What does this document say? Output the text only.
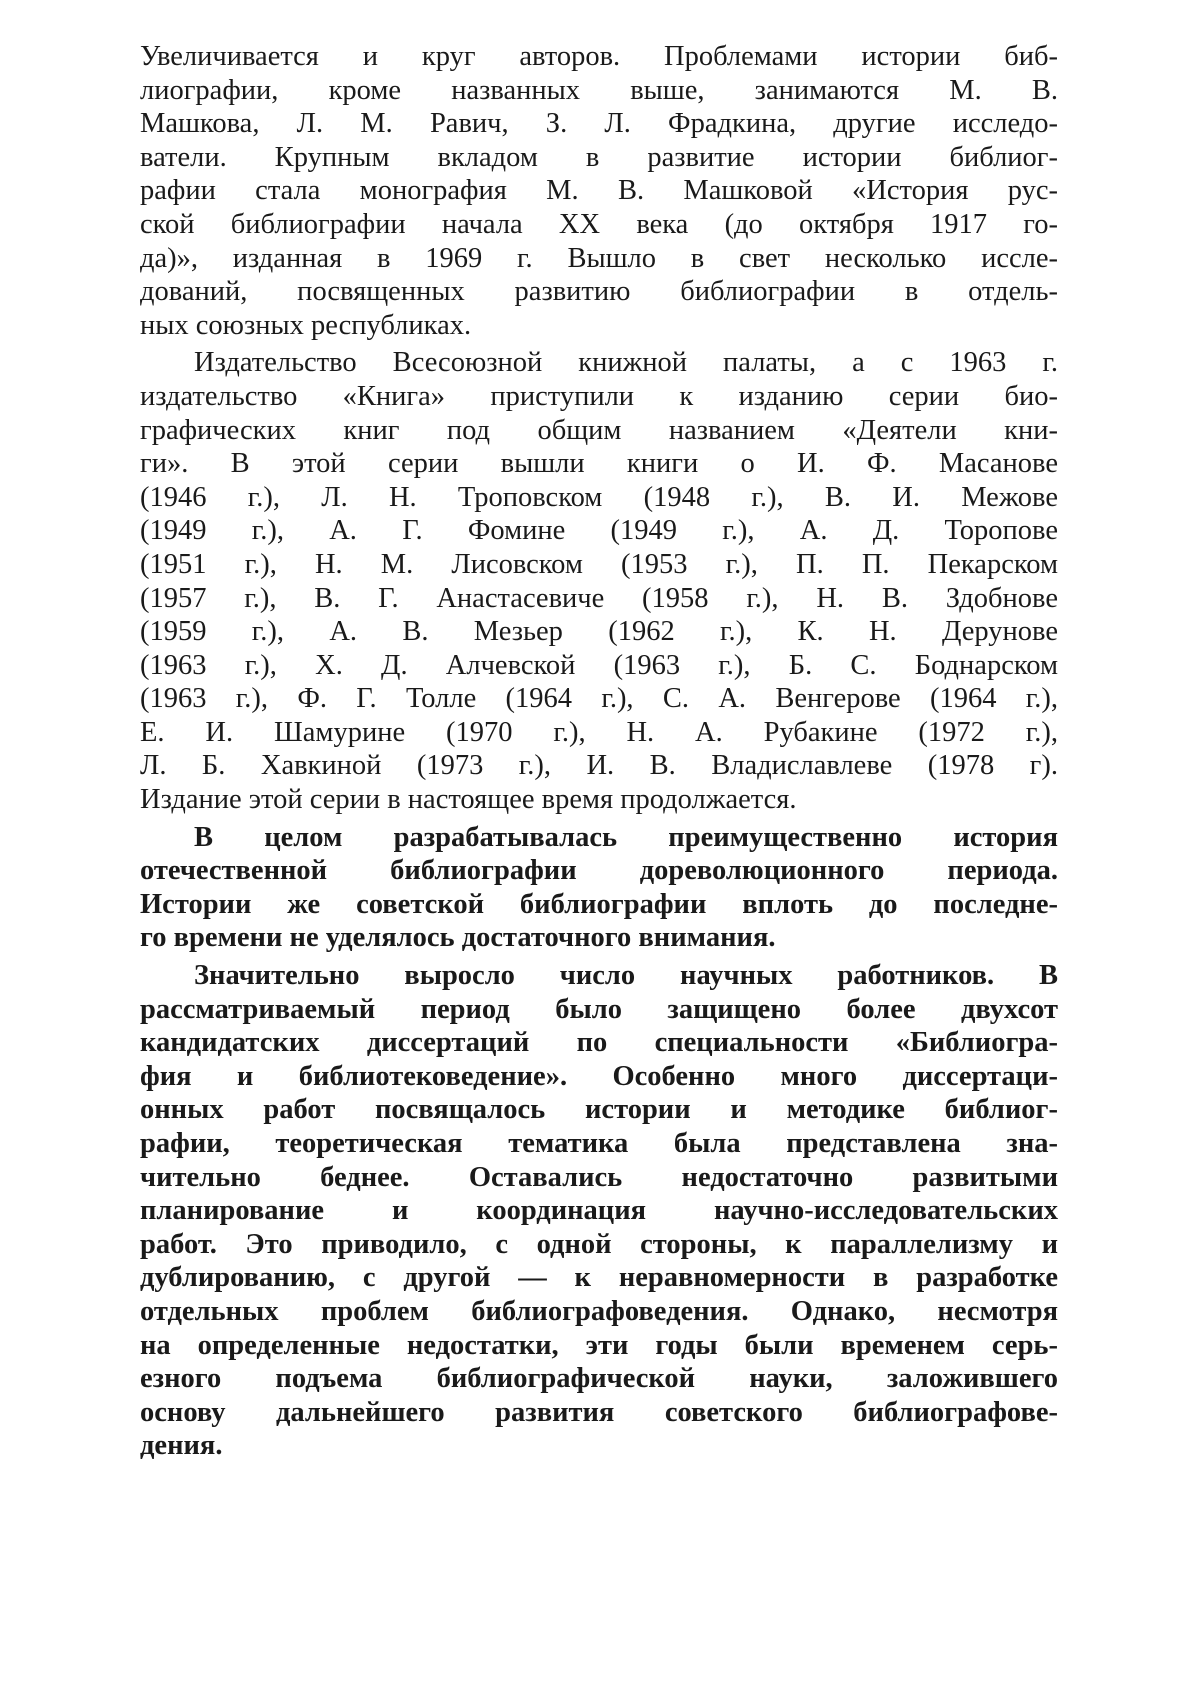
Увеличивается и круг авторов. Проблемами истории биб-
лиографии, кроме названных выше, занимаются М. В.
Машкова, Л. М. Равич, З. Л. Фрадкина, другие исследо-
ватели. Крупным вкладом в развитие истории библиог-
рафии стала монография М. В. Машковой «История рус-
ской библиографии начала XX века (до октября 1917 го-
да)», изданная в 1969 г. Вышло в свет несколько иссле-
дований, посвященных развитию библиографии в отдель-
ных союзных республиках.
Издательство Всесоюзной книжной палаты, а с 1963 г.
издательство «Книга» приступили к изданию серии био-
графических книг под общим названием «Деятели кни-
ги». В этой серии вышли книги о И. Ф. Масанове
(1946 г.), Л. Н. Троповском (1948 г.), В. И. Межове
(1949 г.), А. Г. Фомине (1949 г.), А. Д. Торопове
(1951 г.), Н. М. Лисовском (1953 г.), П. П. Пекарском
(1957 г.), В. Г. Анастасевиче (1958 г.), Н. В. Здобнове
(1959 г.), А. В. Мезьер (1962 г.), К. Н. Дерунове
(1963 г.), Х. Д. Алчевской (1963 г.), Б. С. Боднарском
(1963 г.), Ф. Г. Толле (1964 г.), С. А. Венгерове (1964 г.),
Е. И. Шамурине (1970 г.), Н. А. Рубакине (1972 г.),
Л. Б. Хавкиной (1973 г.), И. В. Владиславлеве (1978 г).
Издание этой серии в настоящее время продолжается.
В целом разрабатывалась преимущественно история
отечественной библиографии дореволюционного периода.
Истории же советской библиографии вплоть до последне-
го времени не уделялось достаточного внимания.
Значительно выросло число научных работников. В
рассматриваемый период было защищено более двухсот
кандидатских диссертаций по специальности «Библиогра-
фия и библиотековедение». Особенно много диссертаци-
онных работ посвящалось истории и методике библиог-
рафии, теоретическая тематика была представлена зна-
чительно беднее. Оставались недостаточно развитыми
планирование и координация научно-исследовательских
работ. Это приводило, с одной стороны, к параллелизму и
дублированию, с другой — к неравномерности в разработке
отдельных проблем библиографоведения. Однако, несмотря
на определенные недостатки, эти годы были временем серь-
езного подъема библиографической науки, заложившего
основу дальнейшего развития советского библиографове-
дения.
